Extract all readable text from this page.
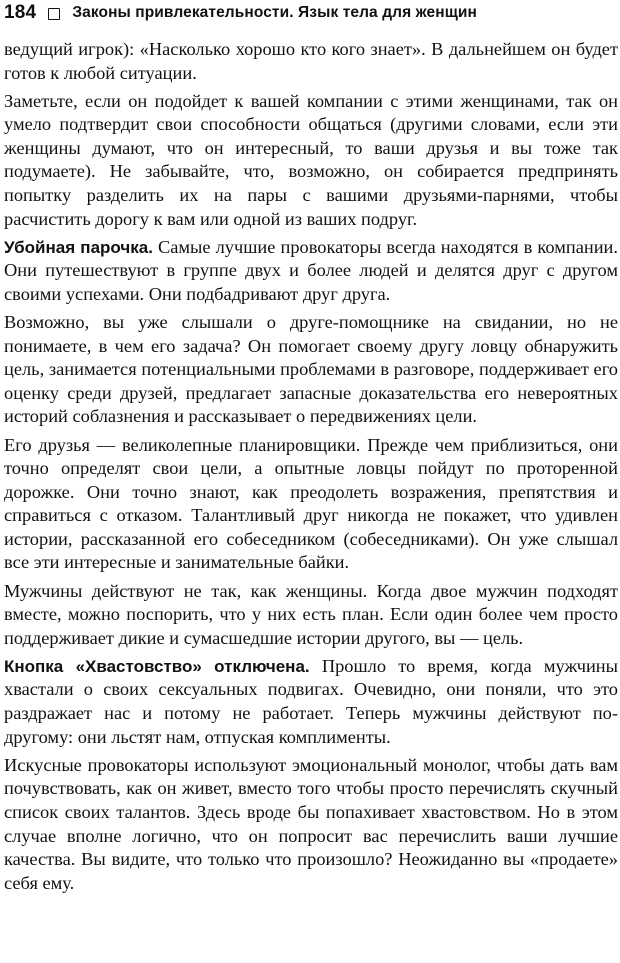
184 Законы привлекательности. Язык тела для женщин

ведущий игрок): «Насколько хорошо кто кого знает». В дальнейшем он будет готов к любой ситуации.

Заметьте, если он подойдет к вашей компании с этими женщинами, так он умело подтвердит свои способности общаться (другими словами, если эти женщины думают, что он интересный, то ваши друзья и вы тоже так подумаете). Не забывайте, что, возможно, он собирается предпринять попытку разделить их на пары с вашими друзьями-парнями, чтобы расчистить дорогу к вам или одной из ваших подруг.

Убойная парочка. Самые лучшие провокаторы всегда находятся в компании. Они путешествуют в группе двух и более людей и делятся друг с другом своими успехами. Они подбадривают друг друга.

Возможно, вы уже слышали о друге-помощнике на свидании, но не понимаете, в чем его задача? Он помогает своему другу ловцу обнаружить цель, занимается потенциальными проблемами в разговоре, поддерживает его оценку среди друзей, предлагает запасные доказательства его невероятных историй соблазнения и рассказывает о передвижениях цели.

Его друзья — великолепные планировщики. Прежде чем приблизиться, они точно определят свои цели, а опытные ловцы пойдут по проторенной дорожке. Они точно знают, как преодолеть возражения, препятствия и справиться с отказом. Талантливый друг никогда не покажет, что удивлен истории, рассказанной его собеседником (собеседниками). Он уже слышал все эти интересные и занимательные байки.

Мужчины действуют не так, как женщины. Когда двое мужчин подходят вместе, можно поспорить, что у них есть план. Если один более чем просто поддерживает дикие и сумасшедшие истории другого, вы — цель.

Кнопка «Хвастовство» отключена. Прошло то время, когда мужчины хвастали о своих сексуальных подвигах. Очевидно, они поняли, что это раздражает нас и потому не работает. Теперь мужчины действуют по-другому: они льстят нам, отпуская комплименты.

Искусные провокаторы используют эмоциональный монолог, чтобы дать вам почувствовать, как он живет, вместо того чтобы просто перечислять скучный список своих талантов. Здесь вроде бы попахивает хвастовством. Но в этом случае вполне логично, что он попросит вас перечислить ваши лучшие качества. Вы видите, что только что произошло? Неожиданно вы «продаете» себя ему.
